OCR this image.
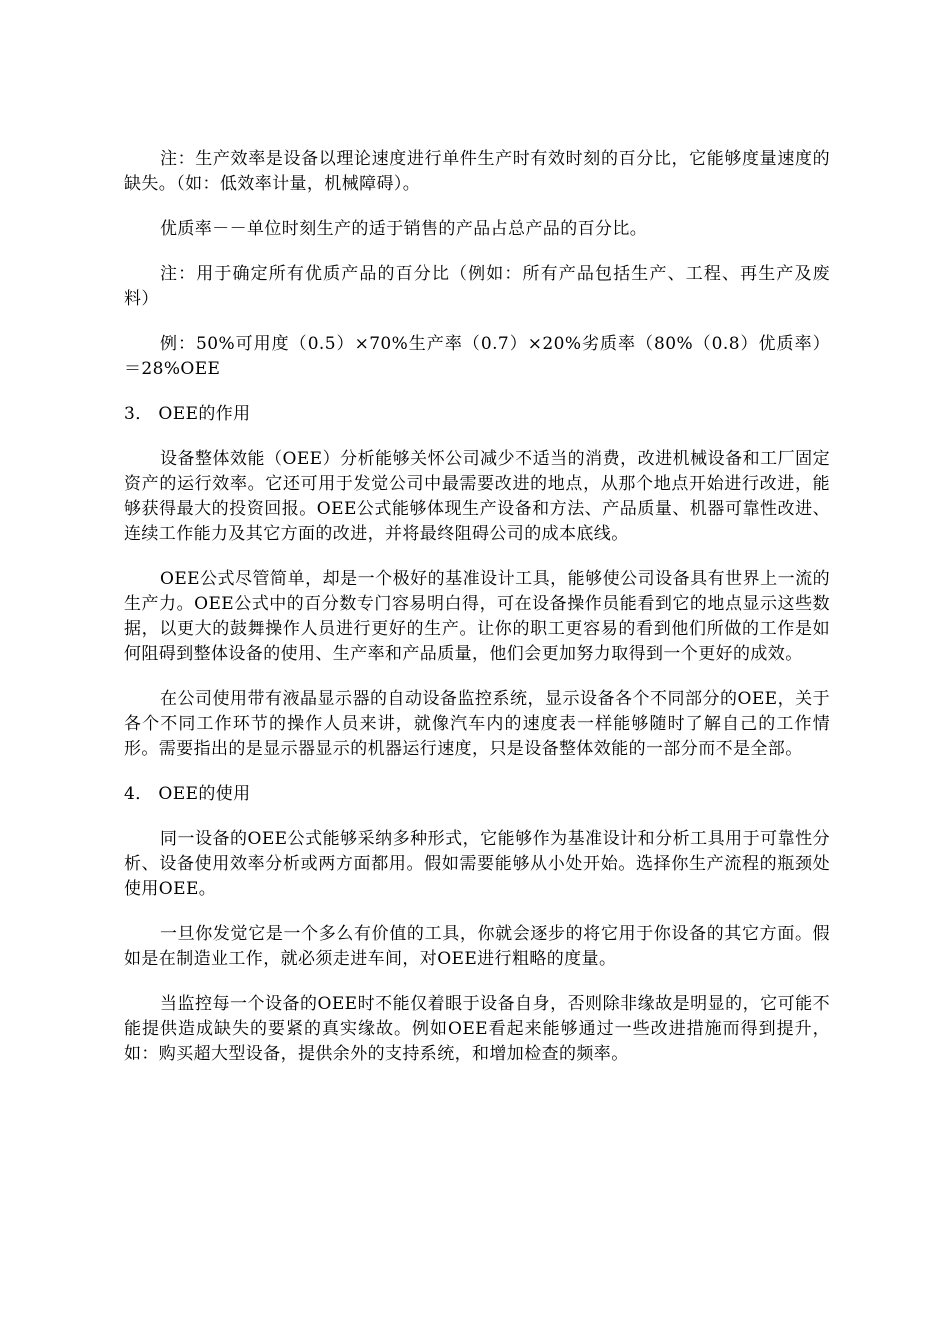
注：生产效率是设备以理论速度进行单件生产时有效时刻的百分比，它能够度量速度的缺失。（如：低效率计量，机械障碍）。

优质率－－单位时刻生产的适于销售的产品占总产品的百分比。

注：用于确定所有优质产品的百分比（例如：所有产品包括生产、工程、再生产及废料）

例：50%可用度（0.5）×70%生产率（0.7）×20%劣质率（80%（0.8）优质率）＝28%OEE

3． OEE的作用

设备整体效能（OEE）分析能够关怀公司减少不适当的消费，改进机械设备和工厂固定资产的运行效率。它还可用于发觉公司中最需要改进的地点，从那个地点开始进行改进，能够获得最大的投资回报。OEE公式能够体现生产设备和方法、产品质量、机器可靠性改进、连续工作能力及其它方面的改进，并将最终阻碍公司的成本底线。

OEE公式尽管简单，却是一个极好的基准设计工具，能够使公司设备具有世界上一流的生产力。OEE公式中的百分数专门容易明白得，可在设备操作员能看到它的地点显示这些数据，以更大的鼓舞操作人员进行更好的生产。让你的职工更容易的看到他们所做的工作是如何阻碍到整体设备的使用、生产率和产品质量，他们会更加努力取得到一个更好的成效。

在公司使用带有液晶显示器的自动设备监控系统，显示设备各个不同部分的OEE，关于各个不同工作环节的操作人员来讲，就像汽车内的速度表一样能够随时了解自己的工作情形。需要指出的是显示器显示的机器运行速度，只是设备整体效能的一部分而不是全部。

4． OEE的使用

同一设备的OEE公式能够采纳多种形式，它能够作为基准设计和分析工具用于可靠性分析、设备使用效率分析或两方面都用。假如需要能够从小处开始。选择你生产流程的瓶颈处使用OEE。

一旦你发觉它是一个多么有价值的工具，你就会逐步的将它用于你设备的其它方面。假如是在制造业工作，就必须走进车间，对OEE进行粗略的度量。

当监控每一个设备的OEE时不能仅着眼于设备自身，否则除非缘故是明显的，它可能不能提供造成缺失的要紧的真实缘故。例如OEE看起来能够通过一些改进措施而得到提升，如：购买超大型设备，提供余外的支持系统，和增加检查的频率。
